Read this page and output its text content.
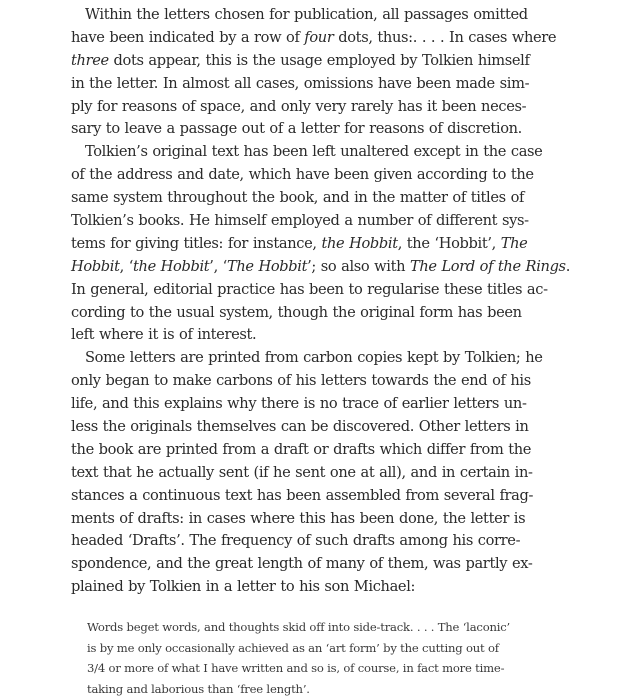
Within the letters chosen for publication, all passages omitted
have been indicated by a row of four dots, thus:. . . . In cases where
three dots appear, this is the usage employed by Tolkien himself
in the letter. In almost all cases, omissions have been made sim-
ply for reasons of space, and only very rarely has it been neces-
sary to leave a passage out of a letter for reasons of discretion.
Tolkien’s original text has been left unaltered except in the case
of the address and date, which have been given according to the
same system throughout the book, and in the matter of titles of
Tolkien’s books. He himself employed a number of different sys-
tems for giving titles: for instance, the Hobbit, the ‘Hobbit’, The
Hobbit, ‘the Hobbit’, ‘The Hobbit’; so also with The Lord of the Rings.
In general, editorial practice has been to regularise these titles ac-
cording to the usual system, though the original form has been
left where it is of interest.
Some letters are printed from carbon copies kept by Tolkien; he
only began to make carbons of his letters towards the end of his
life, and this explains why there is no trace of earlier letters un-
less the originals themselves can be discovered. Other letters in
the book are printed from a draft or drafts which differ from the
text that he actually sent (if he sent one at all), and in certain in-
stances a continuous text has been assembled from several frag-
ments of drafts: in cases where this has been done, the letter is
headed ‘Drafts’. The frequency of such drafts among his corre-
spondence, and the great length of many of them, was partly ex-
plained by Tolkien in a letter to his son Michael:
Words beget words, and thoughts skid off into side-track. . . . The ‘laconic’
is by me only occasionally achieved as an ‘art form’ by the cutting out of
3/4 or more of what I have written and so is, of course, in fact more time-
taking and laborious than ‘free length’.
